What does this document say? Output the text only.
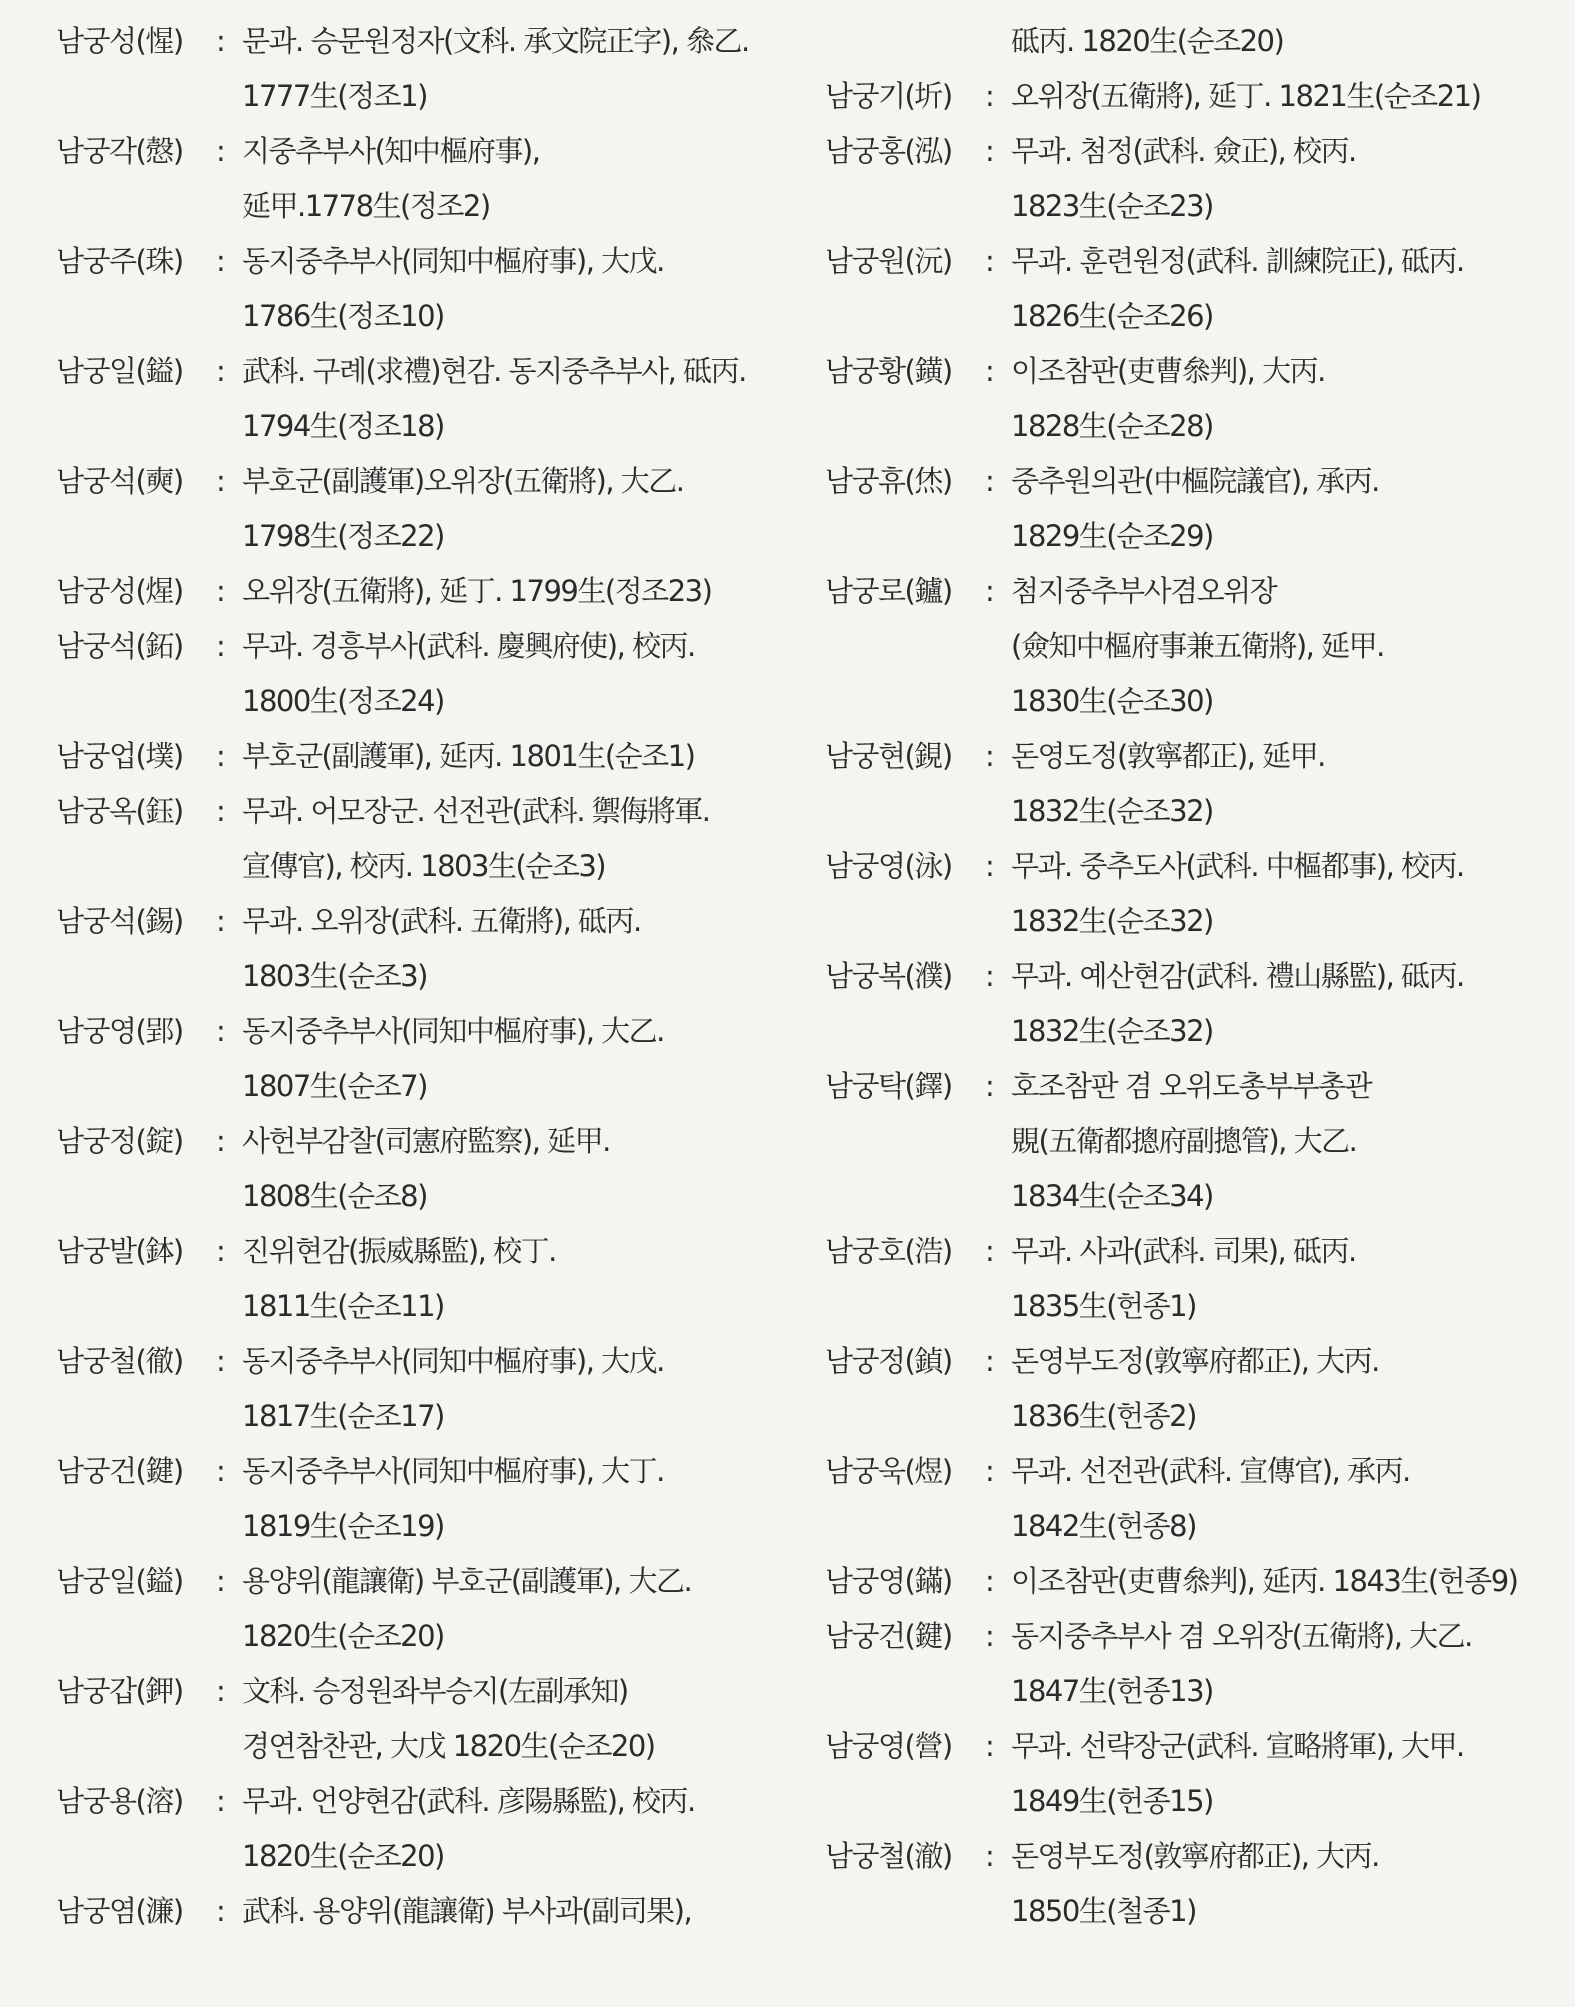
남궁성(惺)	: 문과. 승문원정자(文科. 承文院正字), 叅乙.
1777生(정조1)
남궁각(慤)	: 지중추부사(知中樞府事),
延甲.1778生(정조2)
남궁주(珠)	: 동지중추부사(同知中樞府事), 大戊.
1786生(정조10)
남궁일(鎰)	: 武科. 구례(求禮)현감. 동지중추부사, 砥丙.
1794生(정조18)
남궁석(奭)	: 부호군(副護軍)오위장(五衛將), 大乙.
1798生(정조22)
남궁성(煋)	: 오위장(五衛將), 延丁. 1799生(정조23)
남궁석(鉐)	: 무과. 경흥부사(武科. 慶興府使), 校丙.
1800生(정조24)
남궁업(墣)	: 부호군(副護軍), 延丙. 1801生(순조1)
남궁옥(鈺)	: 무과. 어모장군. 선전관(武科. 禦侮將軍.
宣傳官), 校丙. 1803生(순조3)
남궁석(錫)	: 무과. 오위장(武科. 五衛將), 砥丙.
1803生(순조3)
남궁영(郢)	: 동지중추부사(同知中樞府事), 大乙.
1807生(순조7)
남궁정(錠)	: 사헌부감찰(司憲府監察), 延甲.
1808生(순조8)
남궁발(鉢)	: 진위현감(振威縣監), 校丁.
1811生(순조11)
남궁철(徹)	: 동지중추부사(同知中樞府事), 大戊.
1817生(순조17)
남궁건(鍵)	: 동지중추부사(同知中樞府事), 大丁.
1819生(순조19)
남궁일(鎰)	: 용양위(龍讓衛) 부호군(副護軍), 大乙.
1820生(순조20)
남궁갑(鉀)	: 文科. 승정원좌부승지(左副承知)
경연참찬관, 大戊 1820生(순조20)
남궁용(溶)	: 무과. 언양현감(武科. 彦陽縣監), 校丙.
1820生(순조20)
남궁염(濂)	: 武科. 용양위(龍讓衛) 부사과(副司果),
砥丙. 1820生(순조20)
남궁기(圻)	: 오위장(五衛將), 延丁. 1821生(순조21)
남궁홍(泓)	: 무과. 첨정(武科. 僉正), 校丙.
1823生(순조23)
남궁원(沅)	: 무과. 훈련원정(武科. 訓練院正), 砥丙.
1826生(순조26)
남궁황(鐄)	: 이조참판(吏曹叅判), 大丙.
1828生(순조28)
남궁휴(烋)	: 중추원의관(中樞院議官), 承丙.
1829生(순조29)
남궁로(鑪)	: 첨지중추부사겸오위장
(僉知中樞府事兼五衛將), 延甲.
1830生(순조30)
남궁현(鋧)	: 돈영도정(敦寧都正), 延甲.
1832生(순조32)
남궁영(泳)	: 무과. 중추도사(武科. 中樞都事), 校丙.
1832生(순조32)
남궁복(濮)	: 무과. 예산현감(武科. 禮山縣監), 砥丙.
1832生(순조32)
남궁탁(鐸)	: 호조참판 겸 오위도총부부총관
覞(五衛都摠府副摠管), 大乙.
1834生(순조34)
남궁호(浩)	: 무과. 사과(武科. 司果), 砥丙.
1835生(헌종1)
남궁정(鍞)	: 돈영부도정(敦寧府都正), 大丙.
1836生(헌종2)
남궁욱(煜)	: 무과. 선전관(武科. 宣傳官), 承丙.
1842生(헌종8)
남궁영(鏋)	: 이조참판(吏曹叅判), 延丙. 1843生(헌종9)
남궁건(鍵)	: 동지중추부사 겸 오위장(五衛將), 大乙.
1847生(헌종13)
남궁영(營)	: 무과. 선략장군(武科. 宣略將軍), 大甲.
1849生(헌종15)
남궁철(澈)	: 돈영부도정(敦寧府都正), 大丙.
1850生(철종1)
